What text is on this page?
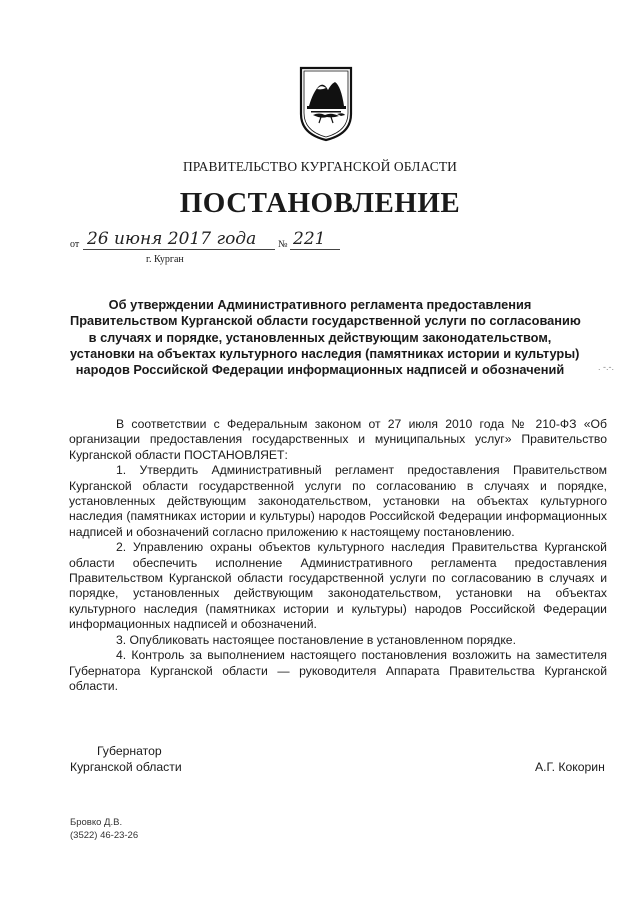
ПРАВИТЕЛЬСТВО КУРГАНСКОЙ ОБЛАСТИ
ПОСТАНОВЛЕНИЕ
от 26 июня 2017 года № 221
г. Курган
Об утверждении Административного регламента предоставления
Правительством Курганской области государственной услуги по согласованию
в случаях и порядке, установленных действующим законодательством,
установки на объектах культурного наследия (памятниках истории и культуры)
народов Российской Федерации информационных надписей и обозначений	. ‑.‑.

В соответствии с Федеральным законом от 27 июля 2010 года № 210-ФЗ «Об организации предоставления государственных и муниципальных услуг» Правительство Курганской области ПОСТАНОВЛЯЕТ:

1. Утвердить Административный регламент предоставления Правительством Курганской области государственной услуги по согласованию в случаях и порядке, установленных действующим законодательством, установки на объектах культурного наследия (памятниках истории и культуры) народов Российской Федерации информационных надписей и обозначений согласно приложению к настоящему постановлению.

2. Управлению охраны объектов культурного наследия Правительства Курганской области обеспечить исполнение Административного регламента предоставления Правительством Курганской области государственной услуги по согласованию в случаях и порядке, установленных действующим законодательством, установки на объектах культурного наследия (памятниках истории и культуры) народов Российской Федерации информационных надписей и обозначений.

3. Опубликовать настоящее постановление в установленном порядке.

4. Контроль за выполнением настоящего постановления возложить на заместителя Губернатора Курганской области — руководителя Аппарата Правительства Курганской области.

Губернатор
Курганской области	А.Г. Кокорин
Бровко Д.В.
(3522) 46-23-26
